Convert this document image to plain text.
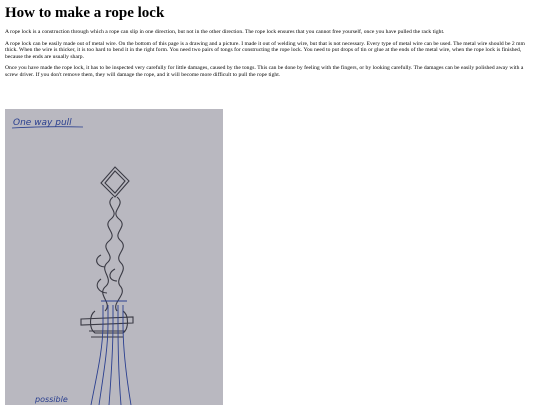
How to make a rope lock

A rope lock is a construction through which a rope can slip in one direction, but not in the other direction. The rope lock ensures that you cannot free yourself, once you have pulled the rack tight.

A rope lock can be easily made out of metal wire. On the bottom of this page is a drawing and a picture. I made it out of welding wire, but that is not necessary. Every type of metal wire can be used. The metal wire should be 2 mm thick. When the wire is thicker, it is too hard to bend it in the right form. You need two pairs of tongs for constructing the rope lock. You need to put drops of tin or glue at the ends of the metal wire, when the rope lock is finished, because the ends are usually sharp.

Once you have made the rope lock, it has to be inspected very carefully for little damages, caused by the tongs. This can be done by feeling with the fingers, or by looking carefully. The damages can be easily polished away with a screw driver. If you don't remove them, they will damage the rope, and it will become more difficult to pull the rope tight.

One way pull
possible
